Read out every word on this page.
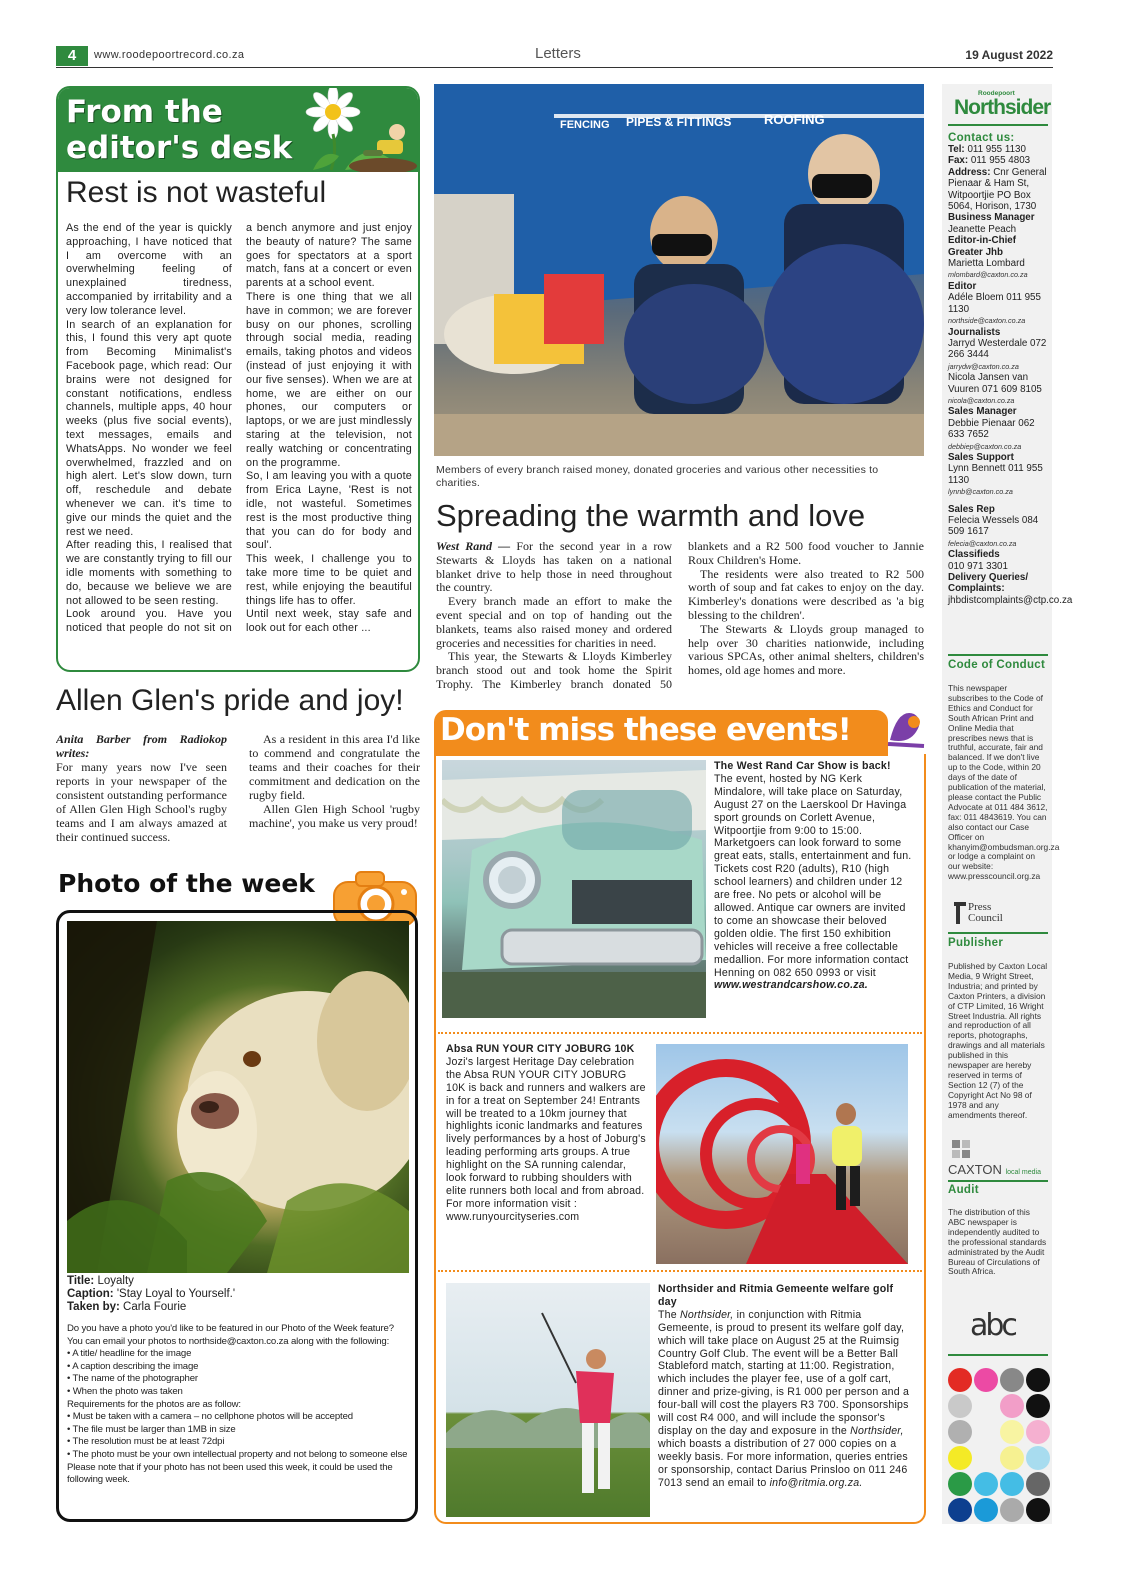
4	www.roodepoortrecord.co.za	Letters	19 August 2022
From the editor's desk
Rest is not wasteful

As the end of the year is quickly approaching, I have noticed that I am overcome with an overwhelming feeling of unexplained tiredness, accompanied by irritability and a very low tolerance level.

In search of an explanation for this, I found this very apt quote from Becoming Minimalist's Facebook page, which read: Our brains were not designed for constant notifications, endless channels, multiple apps, 40 hour weeks (plus five social events), text messages, emails and WhatsApps. No wonder we feel overwhelmed, frazzled and on high alert. Let's slow down, turn off, reschedule and debate whenever we can. it's time to give our minds the quiet and the rest we need.

After reading this, I realised that we are constantly trying to fill our idle moments with something to do, because we believe we are not allowed to be seen resting.

Look around you. Have you noticed that people do not sit on a bench anymore and just enjoy the beauty of nature? The same goes for spectators at a sport match, fans at a concert or even parents at a school event.

There is one thing that we all have in common; we are forever busy on our phones, scrolling through social media, reading emails, taking photos and videos (instead of just enjoying it with our five senses). When we are at home, we are either on our phones, our computers or laptops, or we are just mindlessly staring at the television, not really watching or concentrating on the programme.

So, I am leaving you with a quote from Erica Layne, 'Rest is not idle, not wasteful. Sometimes rest is the most productive thing that you can do for body and soul'.

This week, I challenge you to take more time to be quiet and rest, while enjoying the beautiful things life has to offer.

Until next week, stay safe and look out for each other ...

Allen Glen's pride and joy!

Anita Barber from Radiokop writes:

For many years now I've seen reports in your newspaper of the consistent outstanding performance of Allen Glen High School's rugby teams and I am always amazed at their continued success.

As a resident in this area I'd like to commend and congratulate the teams and their coaches for their commitment and dedication on the rugby field.

Allen Glen High School 'rugby machine', you make us very proud!

Photo of the week
Title: Loyalty
Caption: 'Stay Loyal to Yourself.'
Taken by: Carla Fourie

Do you have a photo you'd like to be featured in our Photo of the Week feature? You can email your photos to northside@caxton.co.za along with the following:

• A title/ headline for the image

• A caption describing the image

• The name of the photographer

• When the photo was taken

Requirements for the photos are as follow:

• Must be taken with a camera – no cellphone photos will be accepted

• The file must be larger than 1MB in size

• The resolution must be at least 72dpi

• The photo must be your own intellectual property and not belong to someone else

Please note that if your photo has not been used this week, it could be used the following week.

FENCING PIPES & FITTINGS	ROOFING
Members of every branch raised money, donated groceries and various other necessities to charities.
Spreading the warmth and love

West Rand — For the second year in a row Stewarts & Lloyds has taken on a national blanket drive to help those in need throughout the country.

Every branch made an effort to make the event special and on top of handing out the blankets, teams also raised money and ordered groceries and necessities for charities in need.

This year, the Stewarts & Lloyds Kimberley branch stood out and took home the Spirit Trophy. The Kimberley branch donated 50 blankets and a R2 500 food voucher to Jannie Roux Children's Home.

The residents were also treated to R2 500 worth of soup and fat cakes to enjoy on the day. Kimberley's donations were described as 'a big blessing to the children'.

The Stewarts & Lloyds group managed to help over 30 charities nationwide, including various SPCAs, other animal shelters, children's homes, old age homes and more.

Don't miss these events!
The West Rand Car Show is back!
The event, hosted by NG Kerk Mindalore, will take place on Saturday, August 27 on the Laerskool Dr Havinga sport grounds on Corlett Avenue, Witpoortjie from 9:00 to 15:00. Marketgoers can look forward to some great eats, stalls, entertainment and fun. Tickets cost R20 (adults), R10 (high school learners) and children under 12 are free. No pets or alcohol will be allowed. Antique car owners are invited to come an showcase their beloved golden oldie. The first 150 exhibition vehicles will receive a free collectable medallion. For more information contact Henning on 082 650 0993 or visit www.westrandcarshow.co.za.
Absa RUN YOUR CITY JOBURG 10K
Jozi's largest Heritage Day celebration the Absa RUN YOUR CITY JOBURG 10K is back and runners and walkers are in for a treat on September 24! Entrants will be treated to a 10km journey that highlights iconic landmarks and features lively performances by a host of Joburg's leading performing arts groups. A true highlight on the SA running calendar, look forward to rubbing shoulders with elite runners both local and from abroad. For more information visit : www.runyourcityseries.com
Northsider and Ritmia Gemeente welfare golf day
The Northsider, in conjunction with Ritmia Gemeente, is proud to present its welfare golf day, which will take place on August 25 at the Ruimsig Country Golf Club. The event will be a Better Ball Stableford match, starting at 11:00. Registration, which includes the player fee, use of a golf cart, dinner and prize-giving, is R1 000 per person and a four-ball will cost the players R3 700. Sponsorships will cost R4 000, and will include the sponsor's display on the day and exposure in the Northsider, which boasts a distribution of 27 000 copies on a weekly basis. For more information, queries entries or sponsorship, contact Darius Prinsloo on 011 246 7013 send an email to info@ritmia.org.za.
Roodepoort
Northsider
Contact us:
Tel: 011 955 1130
Fax: 011 955 4803
Address: Cnr General Pienaar & Ham St, Witpoortjie PO Box 5064, Horison, 1730
Business Manager
Jeanette Peach
Editor-in-Chief Greater Jhb
Marietta Lombard
mlombard@caxton.co.za
Editor
Adéle Bloem 011 955 1130
northside@caxton.co.za
Journalists
Jarryd Westerdale 072 266 3444
jarrydw@caxton.co.za
Nicola Jansen van Vuuren 071 609 8105
nicola@caxton.co.za
Sales Manager
Debbie Pienaar 062 633 7652
debbiep@caxton.co.za
Sales Support
Lynn Bennett 011 955 1130
lynnb@caxton.co.za
Sales Rep
Felecia Wessels 084 509 1617
felecia@caxton.co.za
Classifieds
010 971 3301
Delivery Queries/ Complaints:
jhbdistcomplaints@ctp.co.za
Code of Conduct
This newspaper subscribes to the Code of Ethics and Conduct for South African Print and Online Media that prescribes news that is truthful, accurate, fair and balanced. If we don't live up to the Code, within 20 days of the date of publication of the material, please contact the Public Advocate at 011 484 3612, fax: 011 4843619. You can also contact our Case Officer on khanyim@ombudsman.org.za or lodge a complaint on our website: www.presscouncil.org.za
Press Council
Publisher
Published by Caxton Local Media, 9 Wright Street, Industria; and printed by Caxton Printers, a division of CTP Limited, 16 Wright Street Industria. All rights and reproduction of all reports, photographs, drawings and all materials published in this newspaper are hereby reserved in terms of Section 12 (7) of the Copyright Act No 98 of 1978 and any amendments thereof.
CAXTON local media
Audit
The distribution of this ABC newspaper is independently audited to the professional standards administrated by the Audit Bureau of Circulations of South Africa.
abc
